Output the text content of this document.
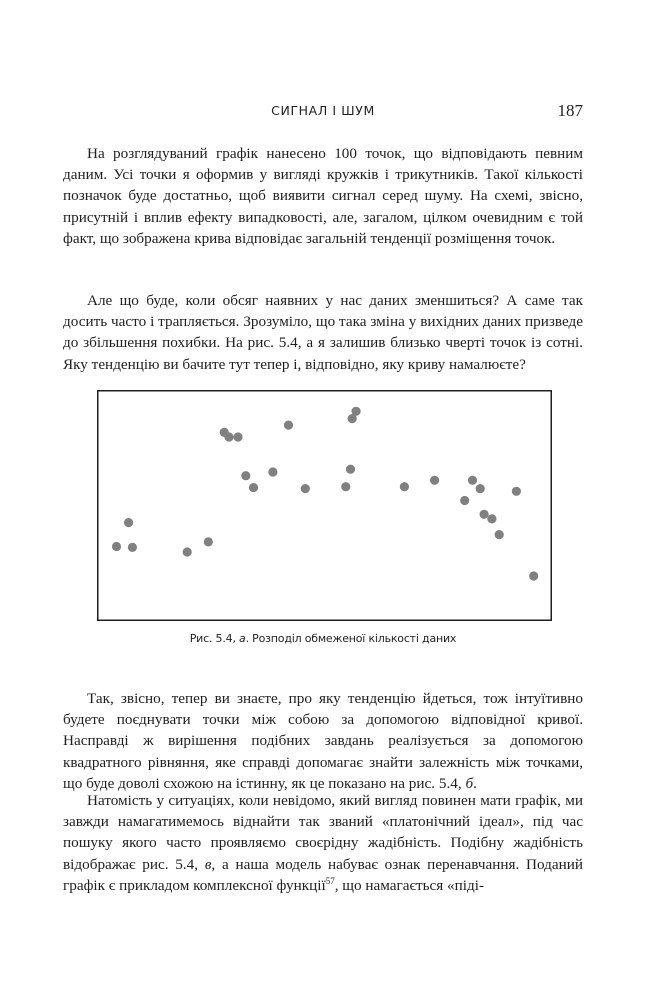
СИГНАЛ І ШУМ	187

На розглядуваний графік нанесено 100 точок, що відповідають певним даним. Усі точки я оформив у вигляді кружків і трикутників. Такої кількості позначок буде достатньо, щоб виявити сигнал серед шуму. На схемі, звісно, присутній і вплив ефекту випадковості, але, загалом, цілком очевидним є той факт, що зображена крива відповідає загальній тенденції розміщення точок.

Але що буде, коли обсяг наявних у нас даних зменшиться? А саме так досить часто і трапляється. Зрозуміло, що така зміна у вихідних даних призведе до збільшення похибки. На рис. 5.4, а я залишив близько чверті точок із сотні. Яку тенденцію ви бачите тут тепер і, відповідно, яку криву намалюєте?

Рис. 5.4, а. Розподіл обмеженої кількості даних

Так, звісно, тепер ви знаєте, про яку тенденцію йдеться, тож інтуїтивно будете поєднувати точки між собою за допомогою відповідної кривої. Насправді ж вирішення подібних завдань реалізується за допомогою квадратного рівняння, яке справді допомагає знайти залежність між точками, що буде доволі схожою на істинну, як це показано на рис. 5.4, б.

Натомість у ситуаціях, коли невідомо, який вигляд повинен мати графік, ми завжди намагатимемось віднайти так званий «платонічний ідеал», під час пошуку якого часто проявляємо своєрідну жадібність. Подібну жадібність відображає рис. 5.4, в, а наша модель набуває ознак перенавчання. Поданий графік є прикладом комплексної функції$^{57}$, що намагається «піді-
